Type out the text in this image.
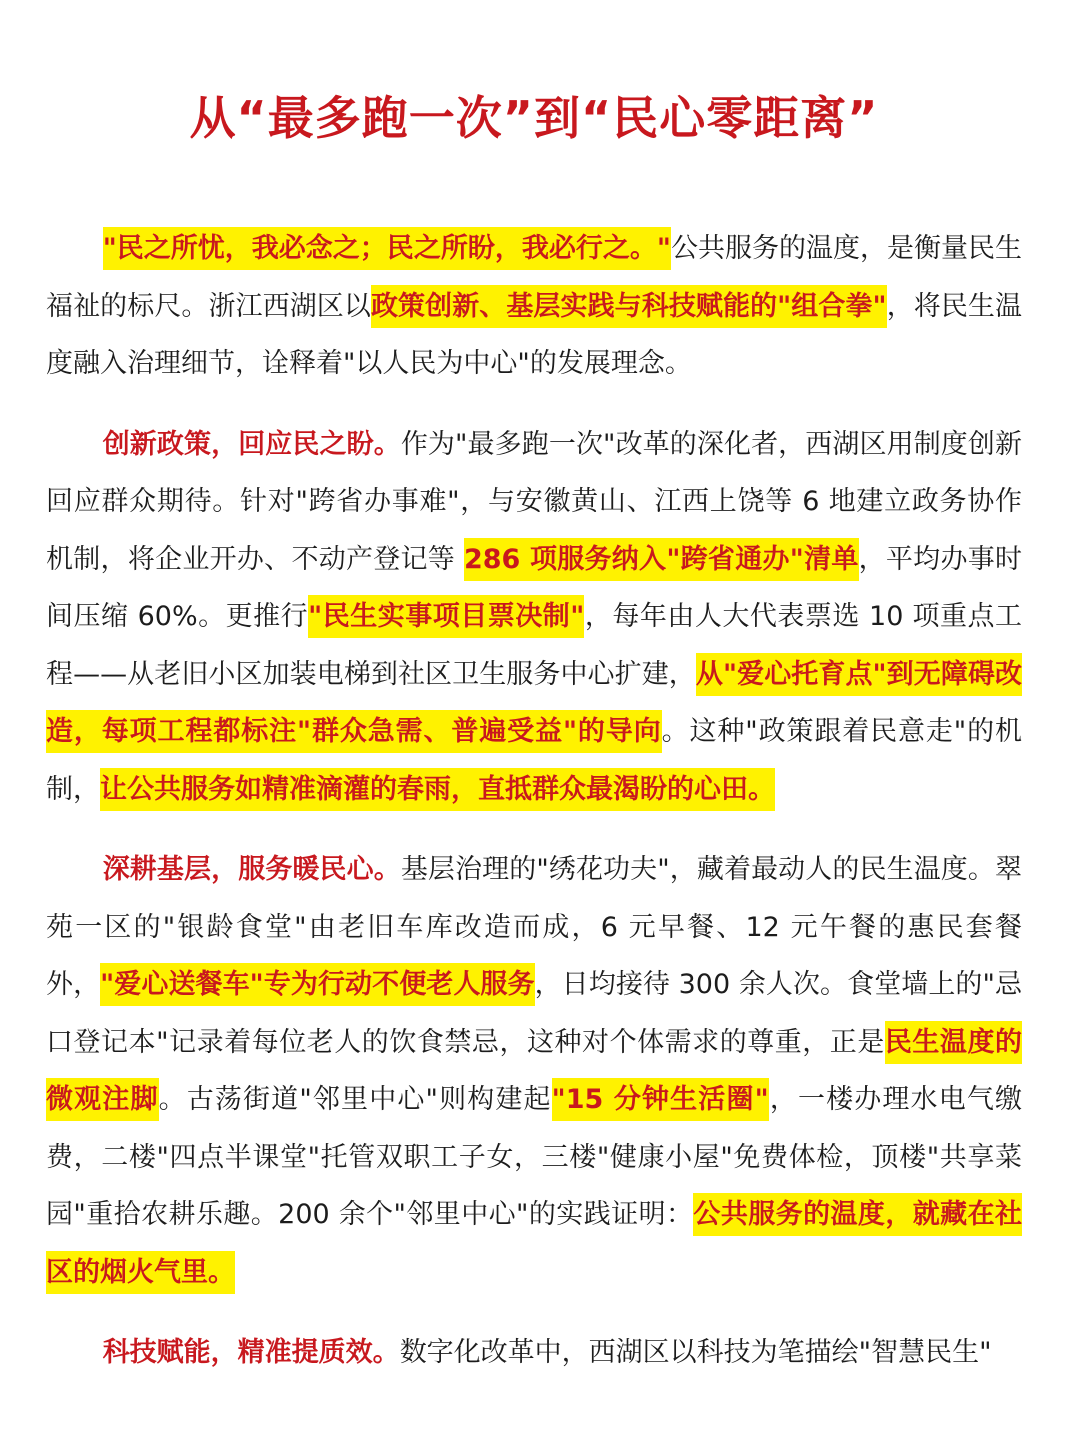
从“最多跑一次”到“民心零距离”

"民之所忧，我必念之；民之所盼，我必行之。"公共服务的温度，是衡量民生福祉的标尺。浙江西湖区以政策创新、基层实践与科技赋能的"组合拳"，将民生温度融入治理细节，诠释着"以人民为中心"的发展理念。

创新政策，回应民之盼。作为"最多跑一次"改革的深化者，西湖区用制度创新回应群众期待。针对"跨省办事难"，与安徽黄山、江西上饶等 6 地建立政务协作机制，将企业开办、不动产登记等 286 项服务纳入"跨省通办"清单，平均办事时间压缩 60%。更推行"民生实事项目票决制"，每年由人大代表票选 10 项重点工程——从老旧小区加装电梯到社区卫生服务中心扩建，从"爱心托育点"到无障碍改造，每项工程都标注"群众急需、普遍受益"的导向。这种"政策跟着民意走"的机制，让公共服务如精准滴灌的春雨，直抵群众最渴盼的心田。

深耕基层，服务暖民心。基层治理的"绣花功夫"，藏着最动人的民生温度。翠苑一区的"银龄食堂"由老旧车库改造而成，6 元早餐、12 元午餐的惠民套餐外，"爱心送餐车"专为行动不便老人服务，日均接待 300 余人次。食堂墙上的"忌口登记本"记录着每位老人的饮食禁忌，这种对个体需求的尊重，正是民生温度的微观注脚。古荡街道"邻里中心"则构建起"15 分钟生活圈"，一楼办理水电气缴费，二楼"四点半课堂"托管双职工子女，三楼"健康小屋"免费体检，顶楼"共享菜园"重拾农耕乐趣。200 余个"邻里中心"的实践证明：公共服务的温度，就藏在社区的烟火气里。

科技赋能，精准提质效。数字化改革中，西湖区以科技为笔描绘"智慧民生"
